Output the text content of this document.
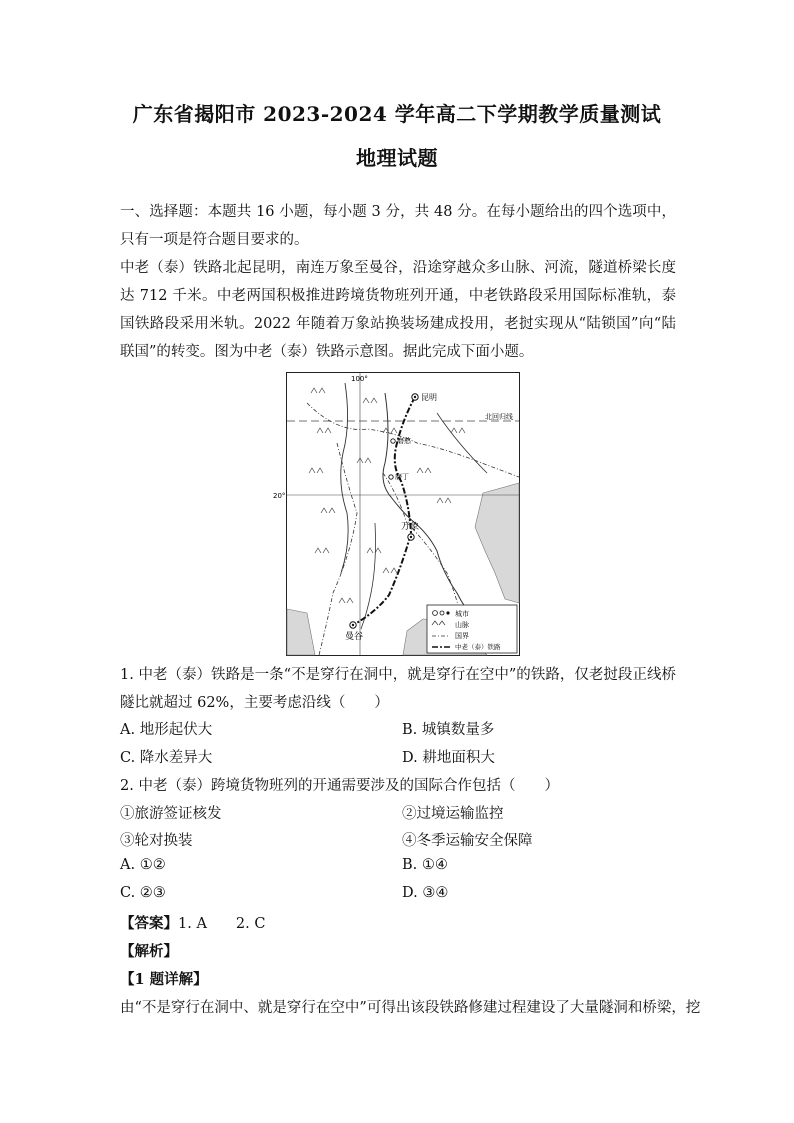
广东省揭阳市 2023-2024 学年高二下学期教学质量测试
地理试题

一、选择题：本题共 16 小题，每小题 3 分，共 48 分。在每小题给出的四个选项中，只有一项是符合题目要求的。

中老（泰）铁路北起昆明，南连万象至曼谷，沿途穿越众多山脉、河流，隧道桥梁长度达 712 千米。中老两国积极推进跨境货物班列开通，中老铁路段采用国际标准轨，泰国铁路段采用米轨。2022 年随着万象站换装场建成投用，老挝实现从“陆锁国”向“陆联国”的转变。图为中老（泰）铁路示意图。据此完成下面小题。

100°
20°
北回归线
昆明
磨憨
磨丁
万象
曼谷
城市
山脉
国界
中老（泰）铁路

1. 中老（泰）铁路是一条“不是穿行在洞中，就是穿行在空中”的铁路，仅老挝段正线桥隧比就超过 62%，主要考虑沿线（　　）

A. 地形起伏大	B. 城镇数量多
C. 降水差异大	D. 耕地面积大
2. 中老（泰）跨境货物班列的开通需要涉及的国际合作包括（　　）
①旅游签证核发	②过境运输监控
③轮对换装	④冬季运输安全保障
A. ①②	B. ①④
C. ②③	D. ③④
【答案】1. A　　2. C
【解析】
【1 题详解】
由“不是穿行在洞中、就是穿行在空中”可得出该段铁路修建过程建设了大量隧洞和桥梁，挖
